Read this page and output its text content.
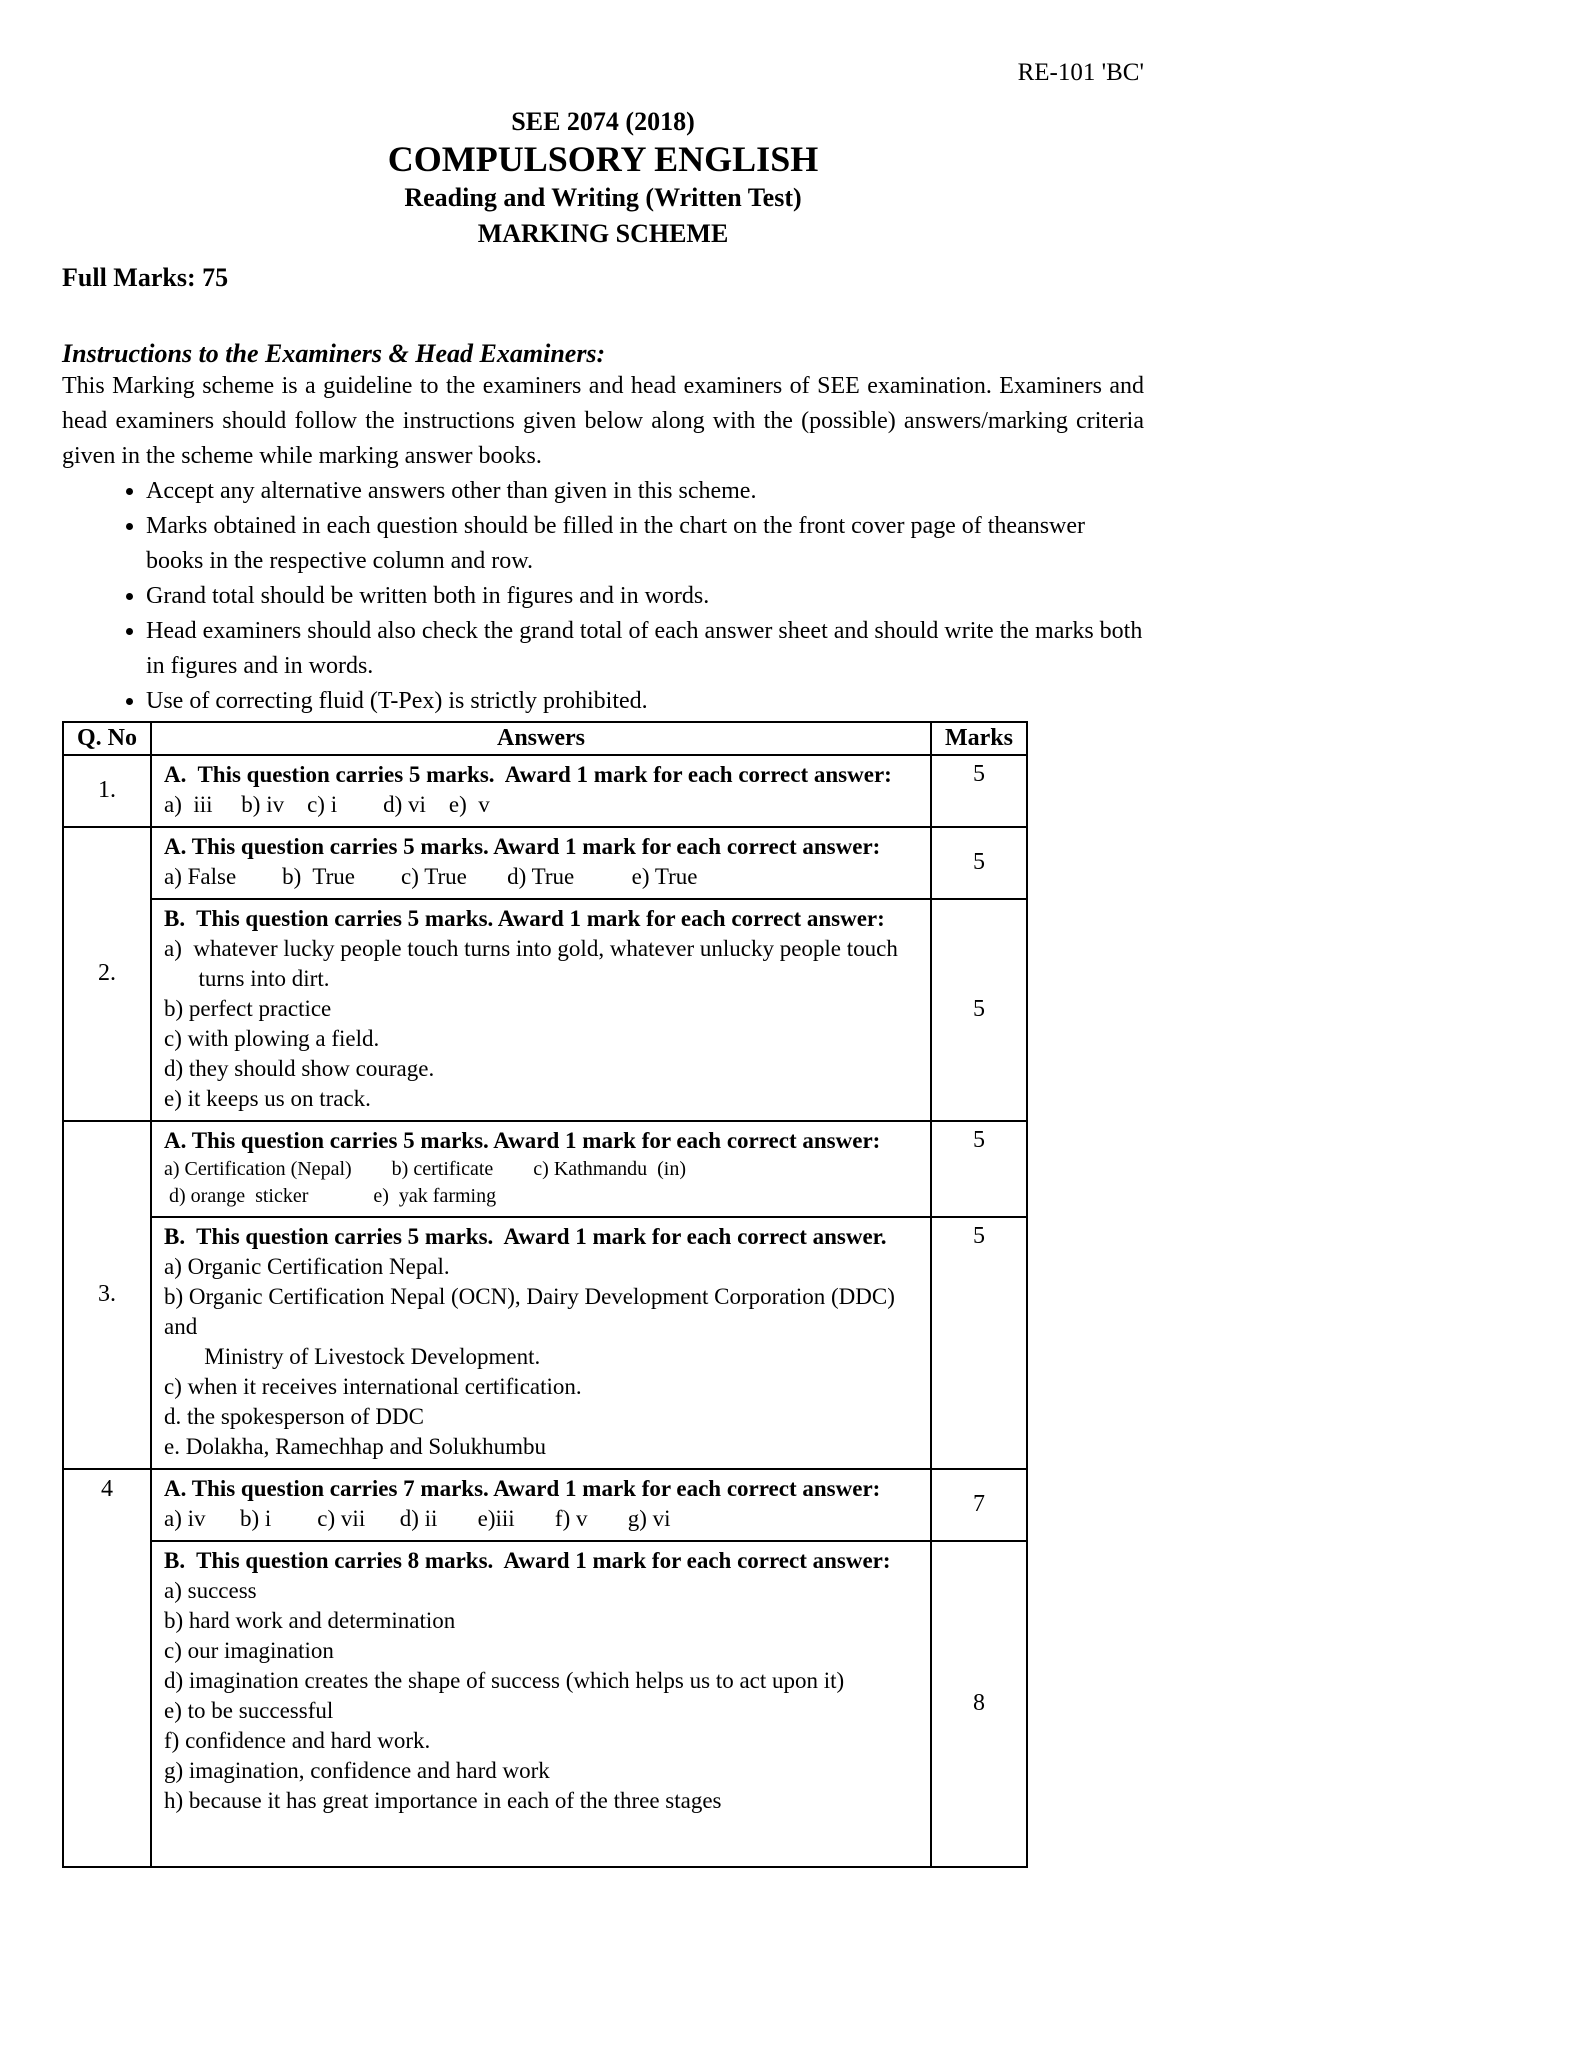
RE-101 'BC'
SEE 2074 (2018)
COMPULSORY ENGLISH
Reading and Writing (Written Test)
MARKING SCHEME
Full Marks: 75
Instructions to the Examiners & Head Examiners:
This Marking scheme is a guideline to the examiners and head examiners of SEE examination. Examiners and head examiners should follow the instructions given below along with the (possible) answers/marking criteria given in the scheme while marking answer books.
• Accept any alternative answers other than given in this scheme.
• Marks obtained in each question should be filled in the chart on the front cover page of theanswer books in the respective column and row.
• Grand total should be written both in figures and in words.
• Head examiners should also check the grand total of each answer sheet and should write the marks both in figures and in words.
• Use of correcting fluid (T-Pex) is strictly prohibited.
Q. No	Answers	Marks
1.	A.  This question carries 5 marks.  Award 1 mark for each correct answer:
a)  iii     b) iv    c) i        d) vi    e)  v	5
2.	A. This question carries 5 marks. Award 1 mark for each correct answer:
a) False        b)  True        c) True       d) True          e) True	5

B.  This question carries 5 marks. Award 1 mark for each correct answer:
a)  whatever lucky people touch turns into gold, whatever unlucky people touch
turns into dirt.
b) perfect practice
c) with plowing a field.
d) they should show courage.
e) it keeps us on track.
	5
3.	A. This question carries 5 marks. Award 1 mark for each correct answer:
a) Certification (Nepal)        b) certificate        c) Kathmandu  (in)
d) orange  sticker             e)  yak farming	5

B.  This question carries 5 marks.  Award 1 mark for each correct answer.
a) Organic Certification Nepal.
b) Organic Certification Nepal (OCN), Dairy Development Corporation (DDC) and
Ministry of Livestock Development.
c) when it receives international certification.
d. the spokesperson of DDC
e. Dolakha, Ramechhap and Solukhumbu
	5
4	A. This question carries 7 marks. Award 1 mark for each correct answer:
a) iv      b) i        c) vii      d) ii       e)iii       f) v       g) vi	7

B.  This question carries 8 marks.  Award 1 mark for each correct answer:
a) success
b) hard work and determination
c) our imagination
d) imagination creates the shape of success (which helps us to act upon it)
e) to be successful
f) confidence and hard work.
g) imagination, confidence and hard work
h) because it has great importance in each of the three stages
	8
